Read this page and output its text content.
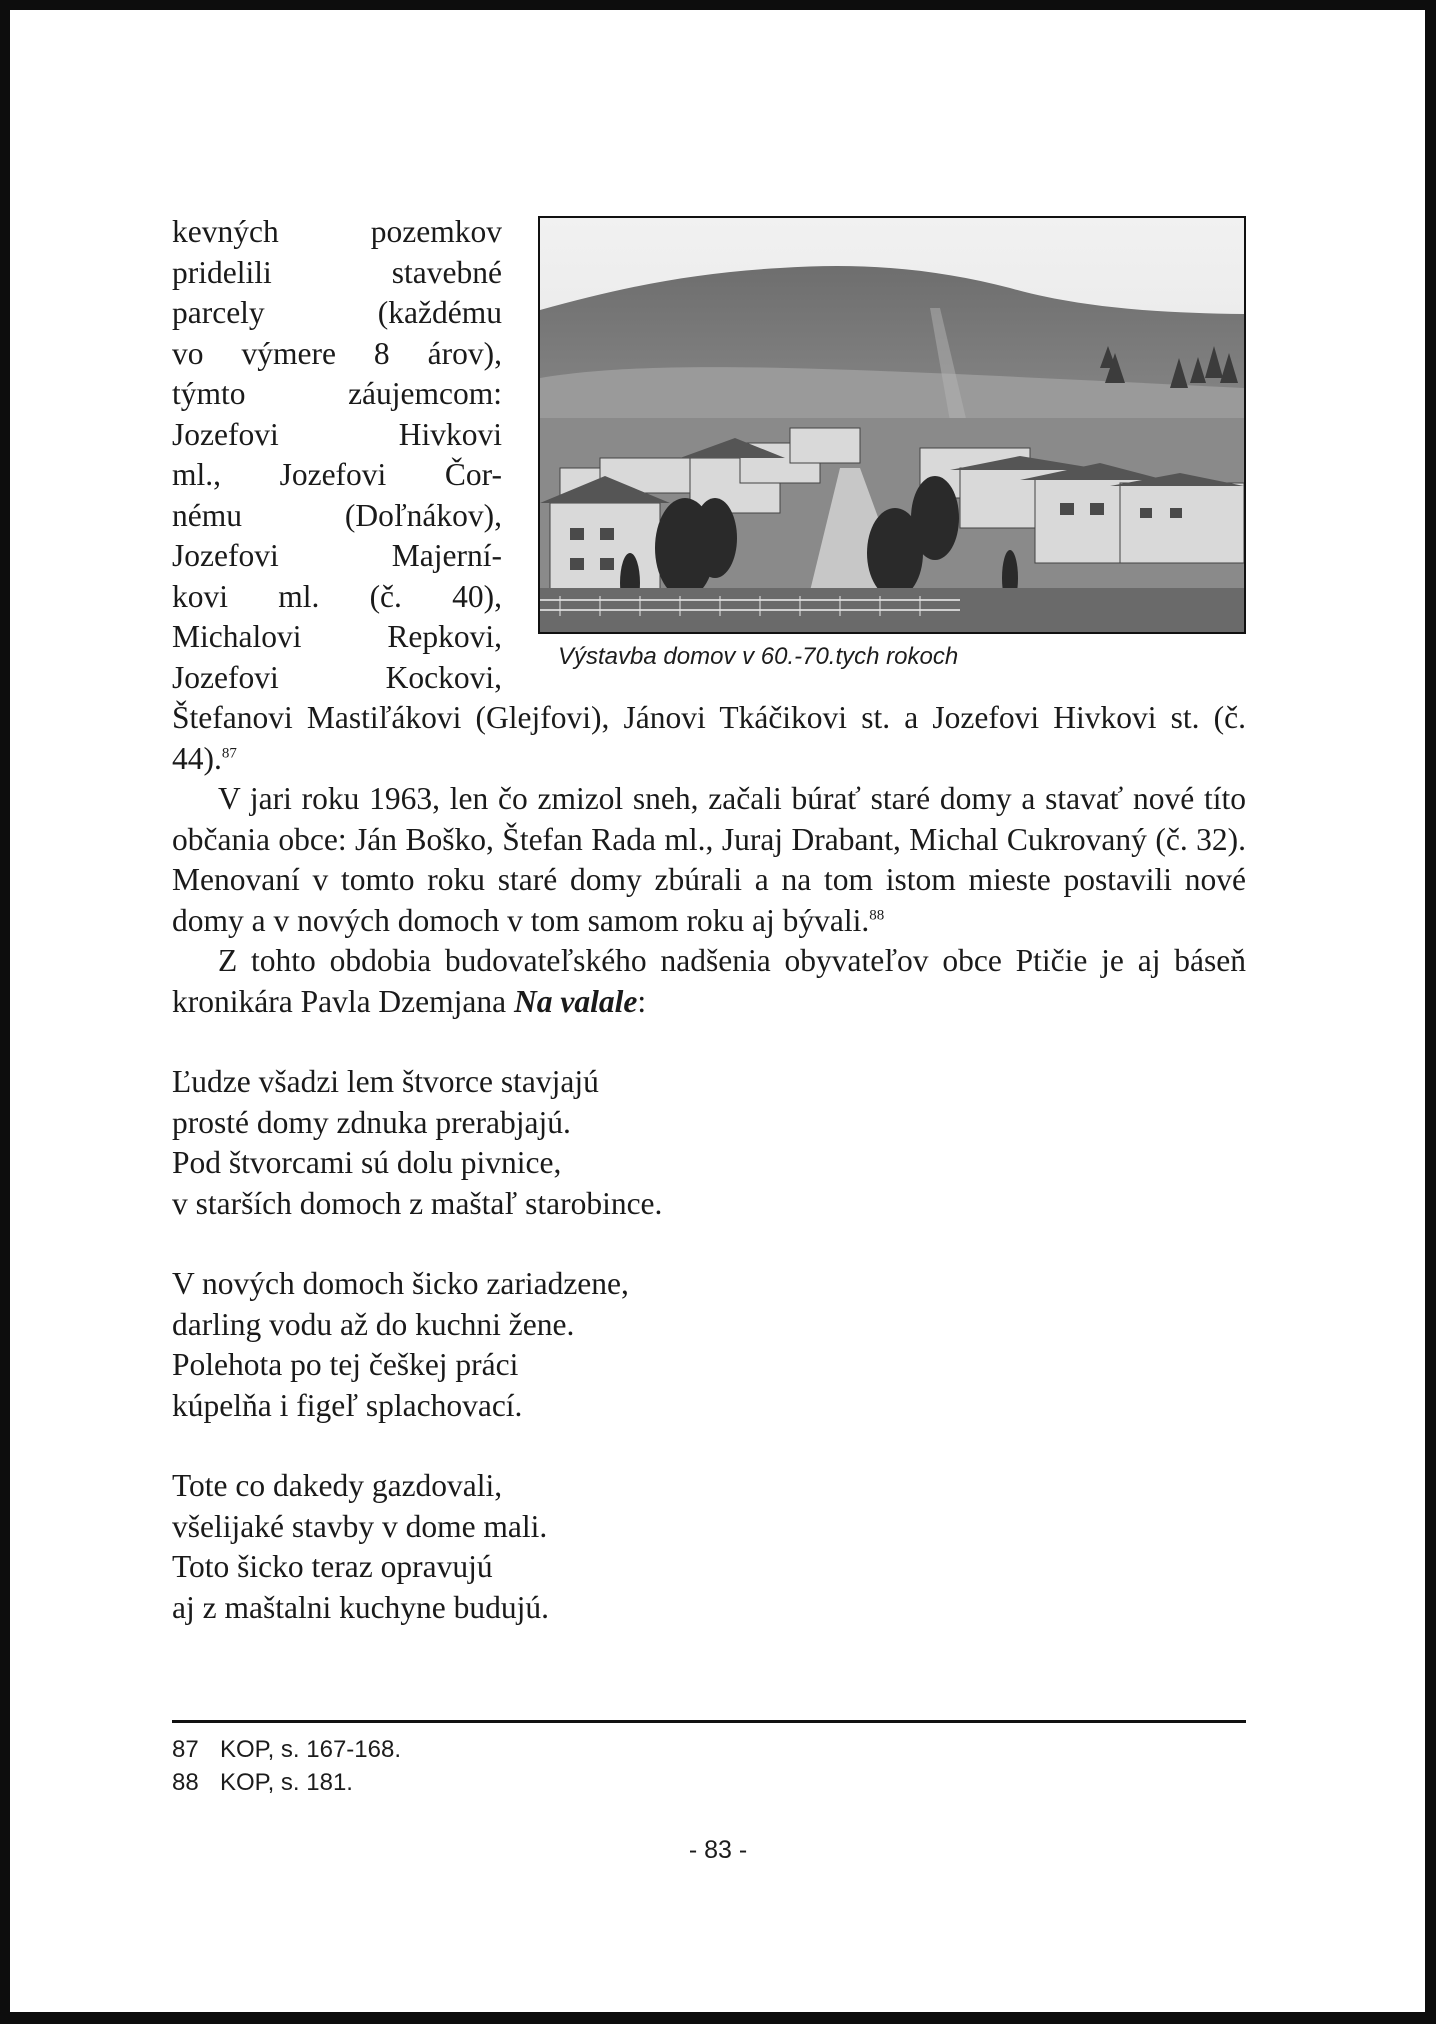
Výstavba domov v 60.-70.tych rokoch

kevných pozemkov

pridelili stavebné

parcely (každému

vo výmere 8 árov),

týmto záujemcom:

Jozefovi Hivkovi

ml., Jozefovi Čor-

nému (Doľnákov),

Jozefovi Majerní-

kovi ml. (č. 40),

Michalovi Repkovi,

Jozefovi Kockovi,

Štefanovi Mastiľákovi (Glejfovi), Jánovi Tkáčikovi st. a Jozefovi Hivkovi st. (č. 44).$^{87}$

V jari roku 1963, len čo zmizol sneh, začali búrať staré domy a stavať nové títo občania obce: Ján Boško, Štefan Rada ml., Juraj Drabant, Michal Cukrovaný (č. 32). Menovaní v tomto roku staré domy zbúrali a na tom istom mieste postavili nové domy a v nových domoch v tom samom roku aj bývali.$^{88}$

Z tohto obdobia budovateľského nadšenia obyvateľov obce Ptičie je aj báseň kronikára Pavla Dzemjana Na valale:

Ľudze všadzi lem štvorce stavjajú
prosté domy zdnuka prerabjajú.
Pod štvorcami sú dolu pivnice,
v starších domoch z maštaľ starobince.
V nových domoch šicko zariadzene,
darling vodu až do kuchni žene.
Polehota po tej češkej práci
kúpelňa i figeľ splachovací.
Tote co dakedy gazdovali,
všelijaké stavby v dome mali.
Toto šicko teraz opravujú
aj z maštalni kuchyne budujú.
87 KOP, s. 167-168.
88 KOP, s. 181.
- 83 -
